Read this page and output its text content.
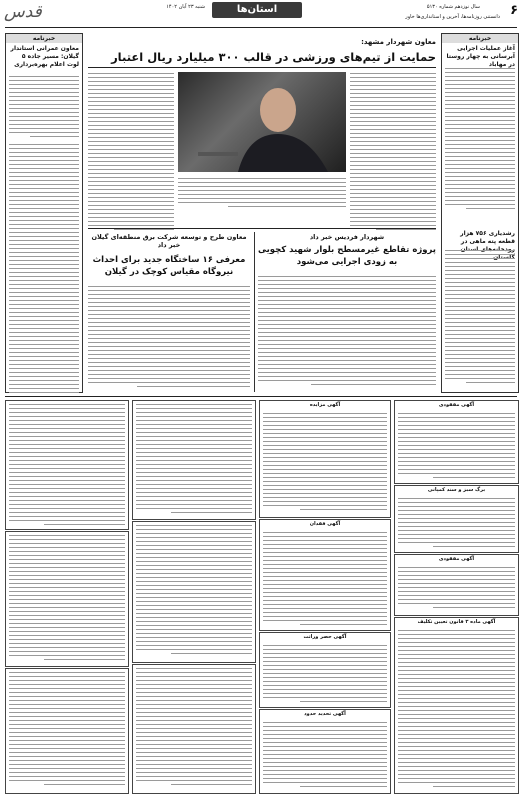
قدس	استان‌ها	۶
سال نوزدهم شماره ۵۱۳۰
شنبه ۲۳ آبان ۱۴۰۲
دانستنی روزنامه‌ها، آخرین و استانداری‌ها خاور
خبرنامه
معاون عمرانی استاندار گیلان: مسیر جاده ۵ لوت اعلام بهره‌برداری
خبرنامه
آغاز عملیات اجرایی آبرسانی به چهار روستا در مهاباد
رشدیاری ۷۵۶ هزار قطعه پته ماهی در
معاون شهردار مشهد:
حمایت از تیم‌های ورزشی در قالب ۳۰۰ میلیارد ریال اعتبار
شهردار فردیس خبر داد
پروژه تقاطع غیرمسطح بلوار شهید کچویی به زودی اجرایی می‌شود
معاون طرح و توسعه شرکت برق منطقه‌ای گیلان خبر داد
معرفی ۱۶ ساختگاه جدید برای احداث نیروگاه مقیاس کوچک در گیلان
آگهی مزایده
آگهی فقدان
آگهی حصر وراثت
آگهی تحدید حدود
آگهی مفقودی
برگ سبز و سند کمپانی
آگهی مفقودی
آگهی ماده ۳ قانون تعیین تکلیف
